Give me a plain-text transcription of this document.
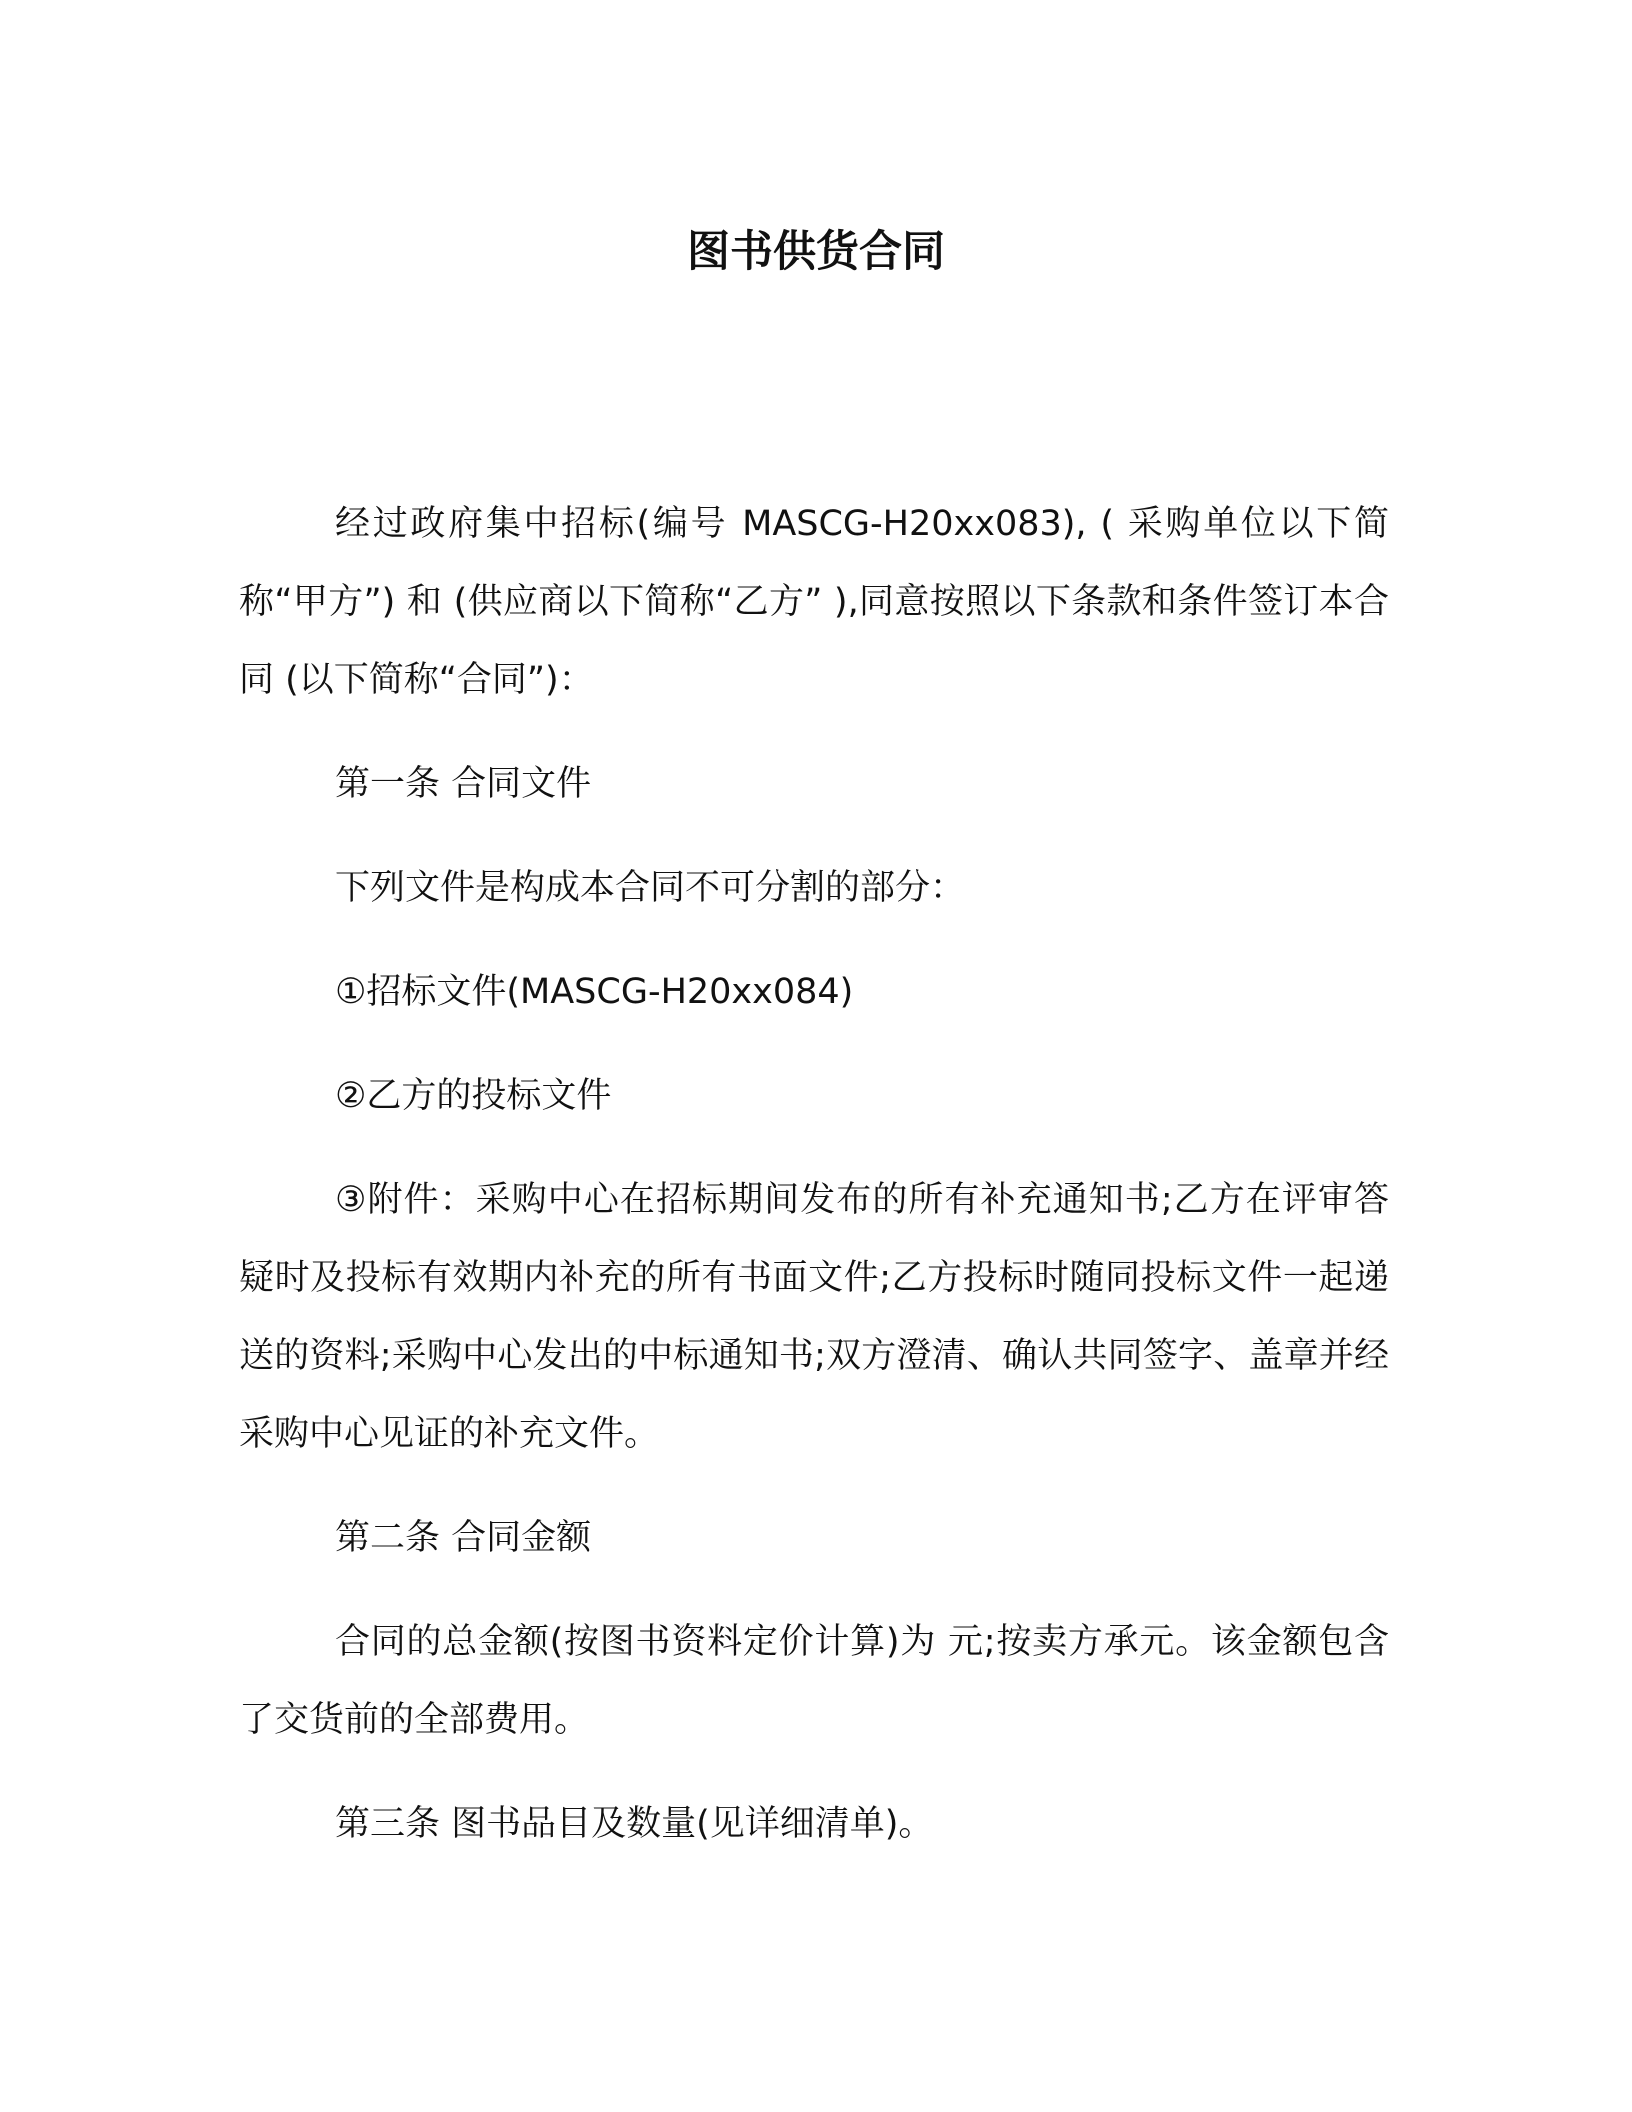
图书供货合同

经过政府集中招标(编号 MASCG-H20xx083), ( 采购单位以下简称“甲方”) 和 (供应商以下简称“乙方” ),同意按照以下条款和条件签订本合同 (以下简称“合同”)：

第一条 合同文件

下列文件是构成本合同不可分割的部分：

①招标文件(MASCG-H20xx084)

②乙方的投标文件

③附件：采购中心在招标期间发布的所有补充通知书;乙方在评审答疑时及投标有效期内补充的所有书面文件;乙方投标时随同投标文件一起递送的资料;采购中心发出的中标通知书;双方澄清、确认共同签字、盖章并经采购中心见证的补充文件。

第二条 合同金额

合同的总金额(按图书资料定价计算)为 元;按卖方承元。该金额包含了交货前的全部费用。

第三条 图书品目及数量(见详细清单)。
